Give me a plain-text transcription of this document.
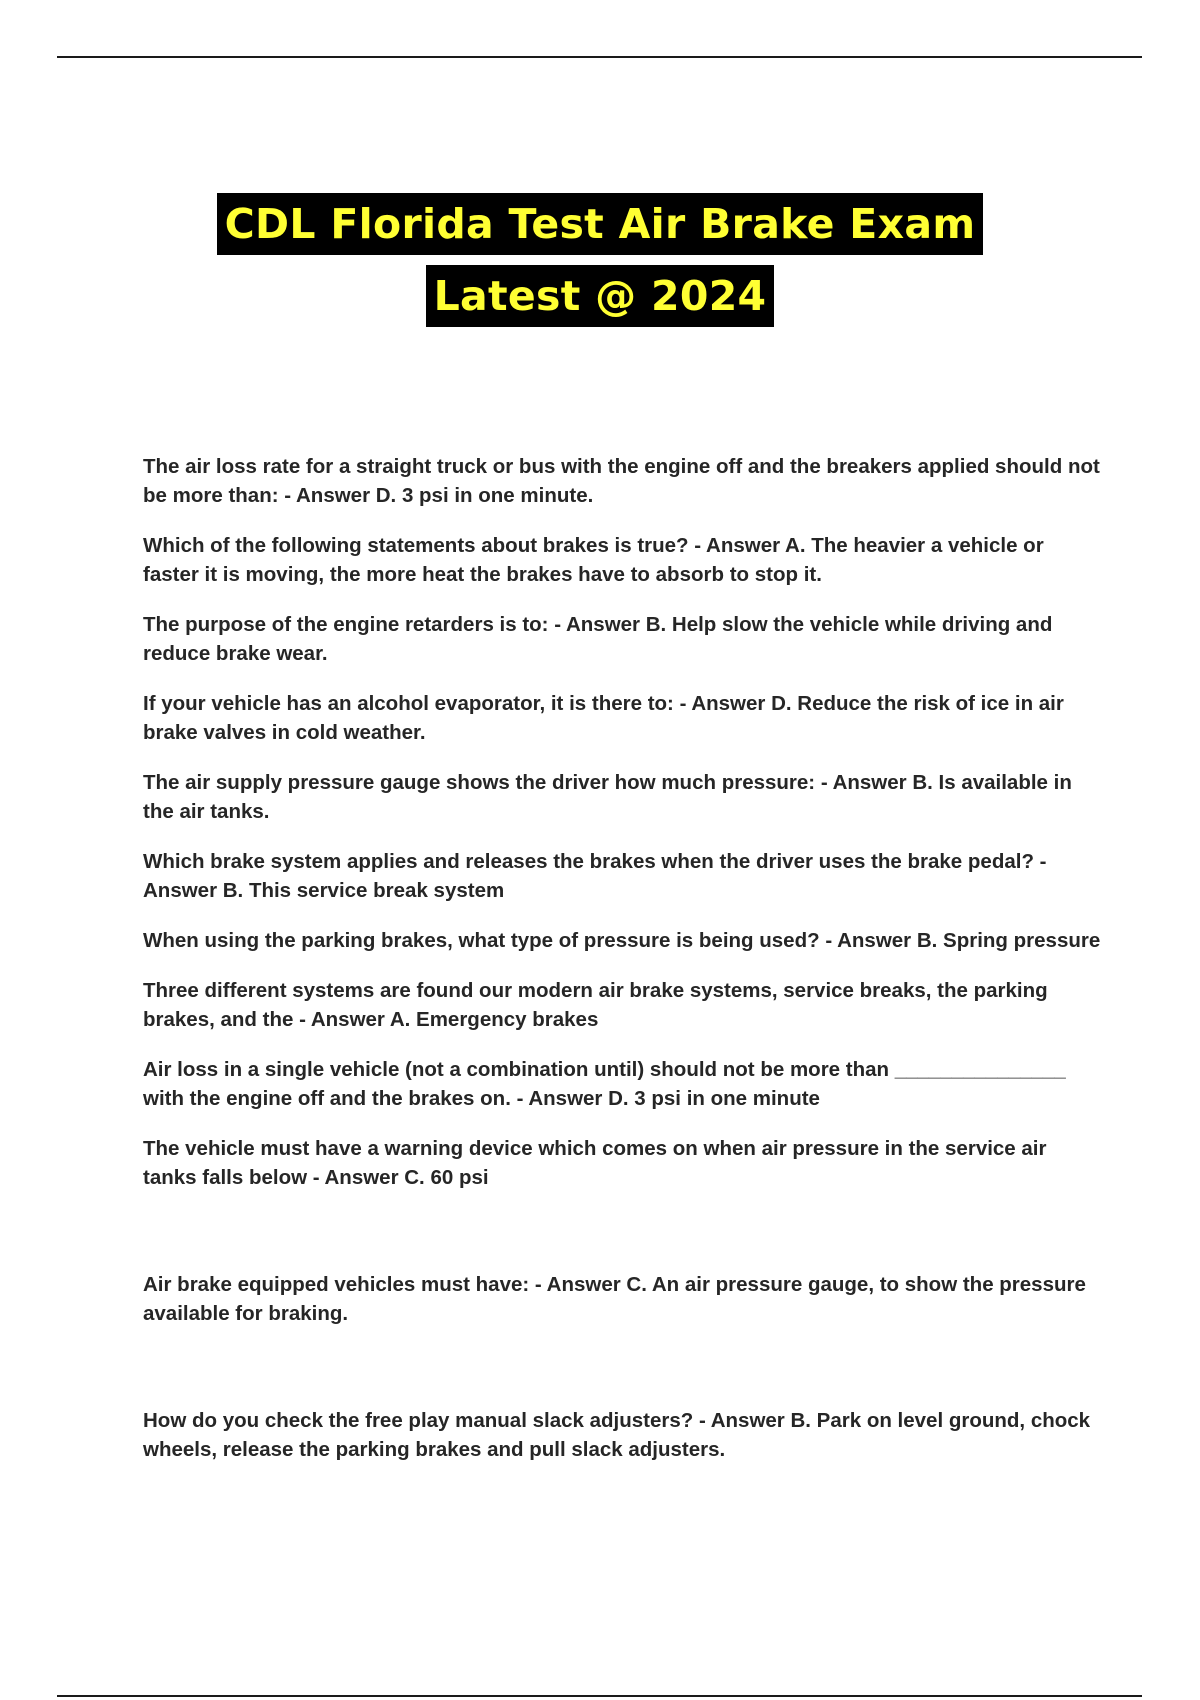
CDL Florida Test Air Brake Exam
Latest @ 2024

The air loss rate for a straight truck or bus with the engine off and the breakers applied should not be more than: - Answer D. 3 psi in one minute.

Which of the following statements about brakes is true? - Answer A. The heavier a vehicle or faster it is moving, the more heat the brakes have to absorb to stop it.

The purpose of the engine retarders is to: - Answer B. Help slow the vehicle while driving and reduce brake wear.

If your vehicle has an alcohol evaporator, it is there to: - Answer D. Reduce the risk of ice in air brake valves in cold weather.

The air supply pressure gauge shows the driver how much pressure: - Answer B. Is available in the air tanks.

Which brake system applies and releases the brakes when the driver uses the brake pedal? - Answer B. This service break system

When using the parking brakes, what type of pressure is being used? - Answer B. Spring pressure

Three different systems are found our modern air brake systems, service breaks, the parking brakes, and the - Answer A. Emergency brakes

Air loss in a single vehicle (not a combination until) should not be more than _______________ with the engine off and the brakes on. - Answer D. 3 psi in one minute

The vehicle must have a warning device which comes on when air pressure in the service air tanks falls below - Answer C. 60 psi

Air brake equipped vehicles must have: - Answer C. An air pressure gauge, to show the pressure available for braking.

How do you check the free play manual slack adjusters? - Answer B. Park on level ground, chock wheels, release the parking brakes and pull slack adjusters.
